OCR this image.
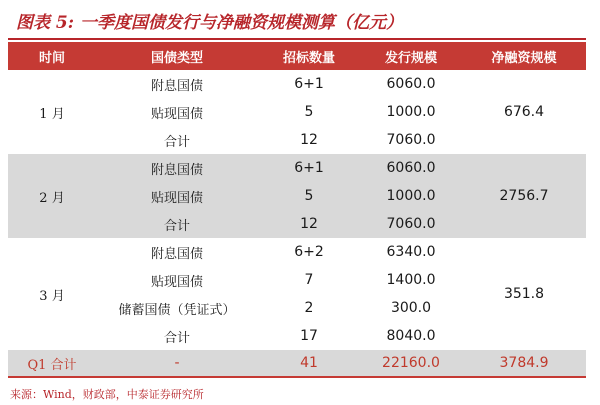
图表 5: 一季度国债发行与净融资规模测算（亿元）
时间	国债类型	招标数量	发行规模	净融资规模
1 月	附息国债	6+1	6060.0	676.4
	贴现国债	5	1000.0	
	合计	12	7060.0	
2 月	附息国债	6+1	6060.0	2756.7
	贴现国债	5	1000.0	
	合计	12	7060.0	
3 月	附息国债	6+2	6340.0	351.8
	贴现国债	7	1400.0	
	储蓄国债（凭证式）	2	300.0	
	合计	17	8040.0	
Q1 合计	-	41	22160.0	3784.9
来源：Wind，财政部，中泰证券研究所
